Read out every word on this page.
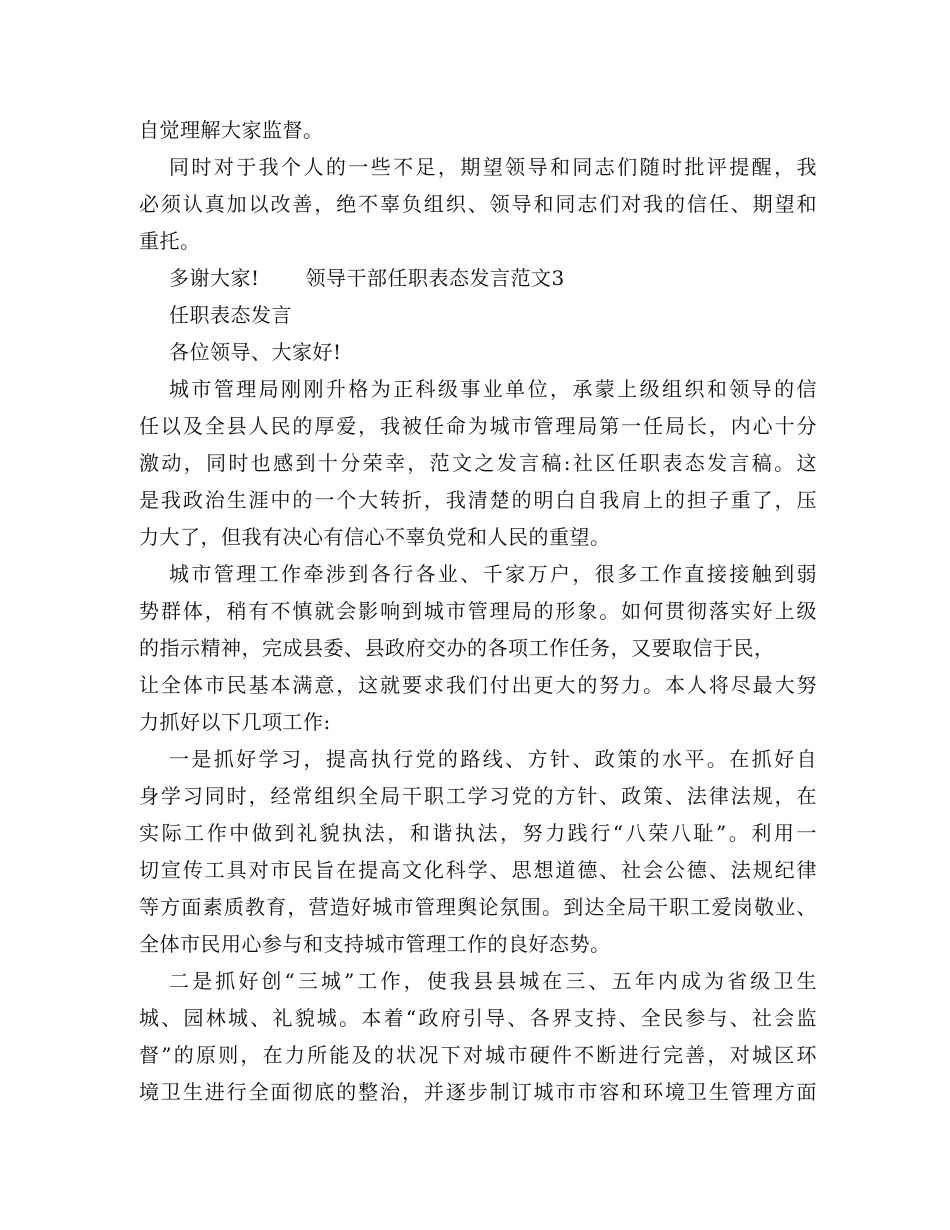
自觉理解大家监督。
同时对于我个人的一些不足，期望领导和同志们随时批评提醒，我
必须认真加以改善，绝不辜负组织、领导和同志们对我的信任、期望和
重托。
多谢大家! 领导干部任职表态发言范文3
任职表态发言
各位领导、大家好!
城市管理局刚刚升格为正科级事业单位，承蒙上级组织和领导的信
任以及全县人民的厚爱，我被任命为城市管理局第一任局长，内心十分
激动，同时也感到十分荣幸，范文之发言稿:社区任职表态发言稿。这
是我政治生涯中的一个大转折，我清楚的明白自我肩上的担子重了，压
力大了，但我有决心有信心不辜负党和人民的重望。
城市管理工作牵涉到各行各业、千家万户，很多工作直接接触到弱
势群体，稍有不慎就会影响到城市管理局的形象。如何贯彻落实好上级
的指示精神，完成县委、县政府交办的各项工作任务，又要取信于民，
让全体市民基本满意，这就要求我们付出更大的努力。本人将尽最大努
力抓好以下几项工作:
一是抓好学习，提高执行党的路线、方针、政策的水平。在抓好自
身学习同时，经常组织全局干职工学习党的方针、政策、法律法规，在
实际工作中做到礼貌执法，和谐执法，努力践行“八荣八耻”。利用一
切宣传工具对市民旨在提高文化科学、思想道德、社会公德、法规纪律
等方面素质教育，营造好城市管理舆论氛围。到达全局干职工爱岗敬业、
全体市民用心参与和支持城市管理工作的良好态势。
二是抓好创“三城”工作，使我县县城在三、五年内成为省级卫生
城、园林城、礼貌城。本着“政府引导、各界支持、全民参与、社会监
督”的原则，在力所能及的状况下对城市硬件不断进行完善，对城区环
境卫生进行全面彻底的整治，并逐步制订城市市容和环境卫生管理方面
